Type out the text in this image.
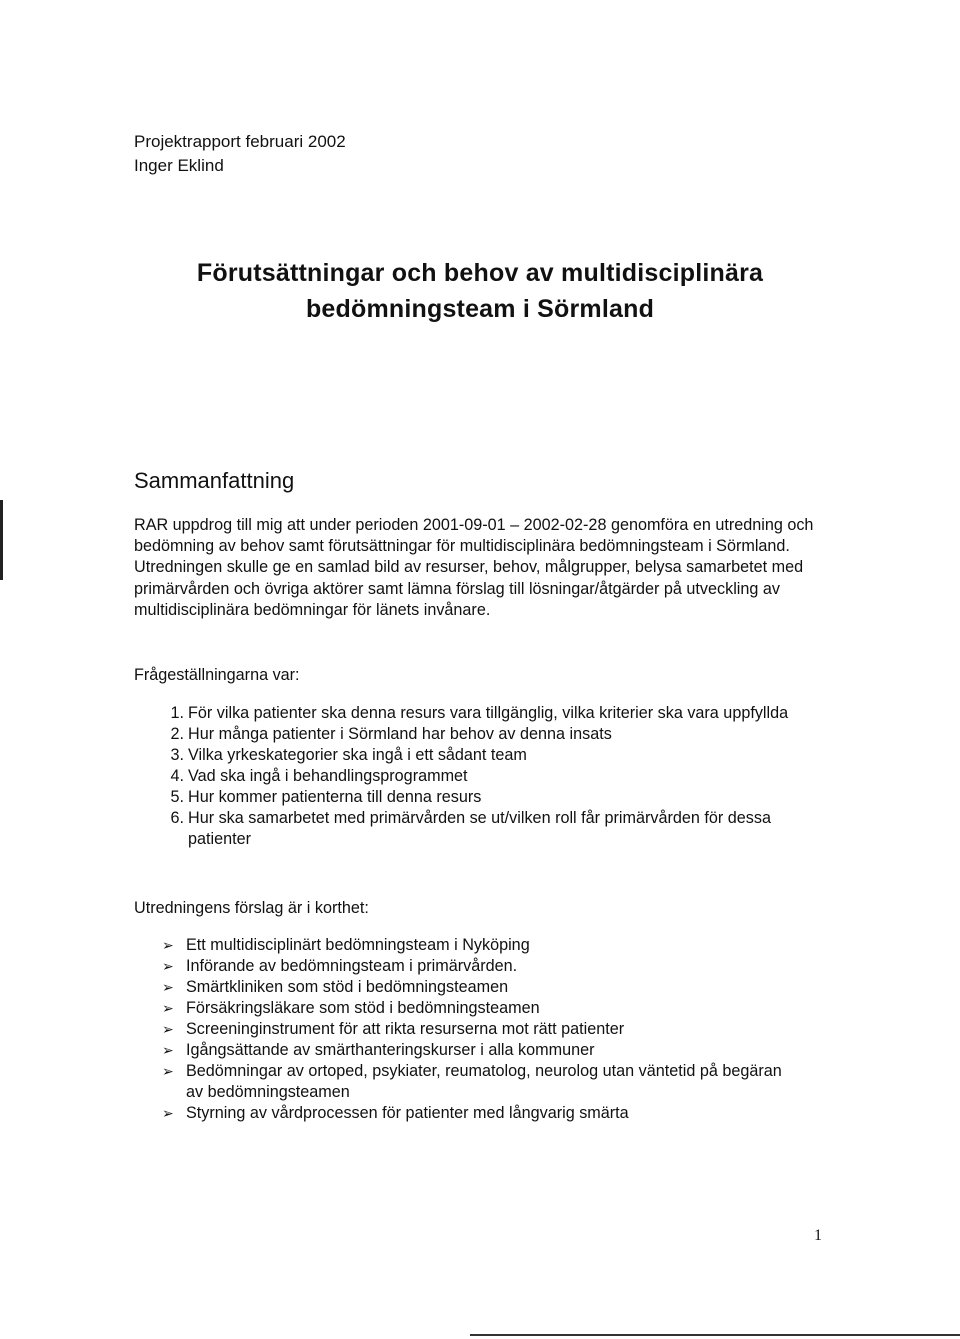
Projektrapport februari 2002
Inger Eklind
Förutsättningar och behov av multidisciplinära
bedömningsteam i Sörmland
Sammanfattning

RAR uppdrog till mig att under perioden 2001-09-01 – 2002-02-28 genomföra en utredning och bedömning av behov samt förutsättningar för multidisciplinära bedömningsteam i Sörmland. Utredningen skulle ge en samlad bild av resurser, behov, målgrupper, belysa samarbetet med primärvården och övriga aktörer samt lämna förslag till lösningar/åtgärder på utveckling av multidisciplinära bedömningar för länets invånare.

Frågeställningarna var:
1. För vilka patienter ska denna resurs vara tillgänglig, vilka kriterier ska vara uppfyllda
2. Hur många patienter i Sörmland har behov av denna insats
3. Vilka yrkeskategorier ska ingå i ett sådant team
4. Vad ska ingå i behandlingsprogrammet
5. Hur kommer patienterna till denna resurs
6. Hur ska samarbetet med primärvården se ut/vilken roll får primärvården för dessa patienter
Utredningens förslag är i korthet:
➢ Ett multidisciplinärt bedömningsteam i Nyköping
➢ Införande av bedömningsteam i primärvården.
➢ Smärtkliniken som stöd i bedömningsteamen
➢ Försäkringsläkare som stöd i bedömningsteamen
➢ Screeninginstrument för att rikta resurserna mot rätt patienter
➢ Igångsättande av smärthanteringskurser i alla kommuner
➢ Bedömningar av ortoped, psykiater, reumatolog, neurolog utan väntetid på begäran av bedömningsteamen
➢ Styrning av vårdprocessen för patienter med långvarig smärta
1
